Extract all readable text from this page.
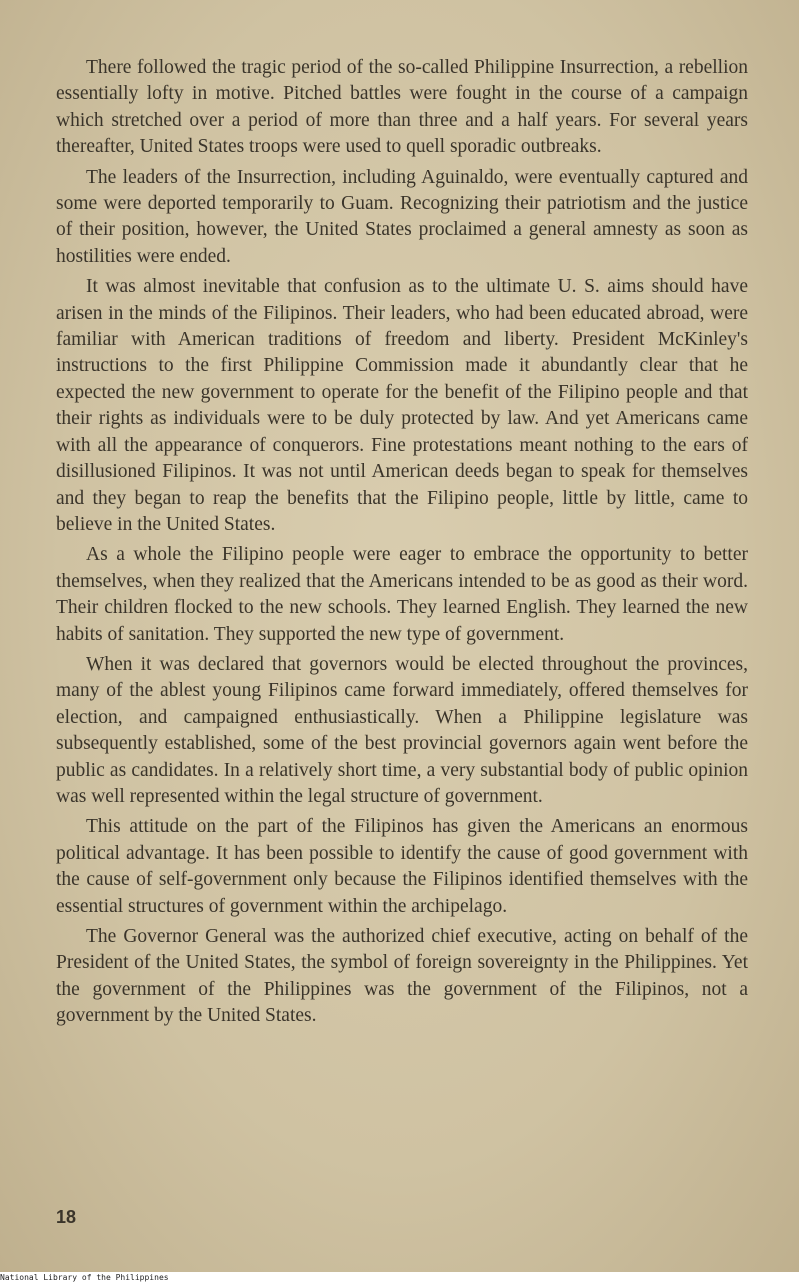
There followed the tragic period of the so-called Philippine Insurrection, a rebellion essentially lofty in motive. Pitched battles were fought in the course of a campaign which stretched over a period of more than three and a half years. For several years thereafter, United States troops were used to quell sporadic outbreaks.

The leaders of the Insurrection, including Aguinaldo, were eventually captured and some were deported temporarily to Guam. Recognizing their patriotism and the justice of their position, however, the United States proclaimed a general amnesty as soon as hostilities were ended.

It was almost inevitable that confusion as to the ultimate U. S. aims should have arisen in the minds of the Filipinos. Their leaders, who had been educated abroad, were familiar with American traditions of freedom and liberty. President McKinley's instructions to the first Philippine Commission made it abundantly clear that he expected the new government to operate for the benefit of the Filipino people and that their rights as individuals were to be duly protected by law. And yet Americans came with all the appearance of conquerors. Fine protestations meant nothing to the ears of disillusioned Filipinos. It was not until American deeds began to speak for themselves and they began to reap the benefits that the Filipino people, little by little, came to believe in the United States.

As a whole the Filipino people were eager to embrace the opportunity to better themselves, when they realized that the Americans intended to be as good as their word. Their children flocked to the new schools. They learned English. They learned the new habits of sanitation. They supported the new type of government.

When it was declared that governors would be elected throughout the provinces, many of the ablest young Filipinos came forward immediately, offered themselves for election, and campaigned enthusiastically. When a Philippine legislature was subsequently established, some of the best provincial governors again went before the public as candidates. In a relatively short time, a very substantial body of public opinion was well represented within the legal structure of government.

This attitude on the part of the Filipinos has given the Americans an enormous political advantage. It has been possible to identify the cause of good government with the cause of self-government only because the Filipinos identified themselves with the essential structures of government within the archipelago.

The Governor General was the authorized chief executive, acting on behalf of the President of the United States, the symbol of foreign sovereignty in the Philippines. Yet the government of the Philippines was the government of the Filipinos, not a government by the United States.

18
National Library of the Philippines
